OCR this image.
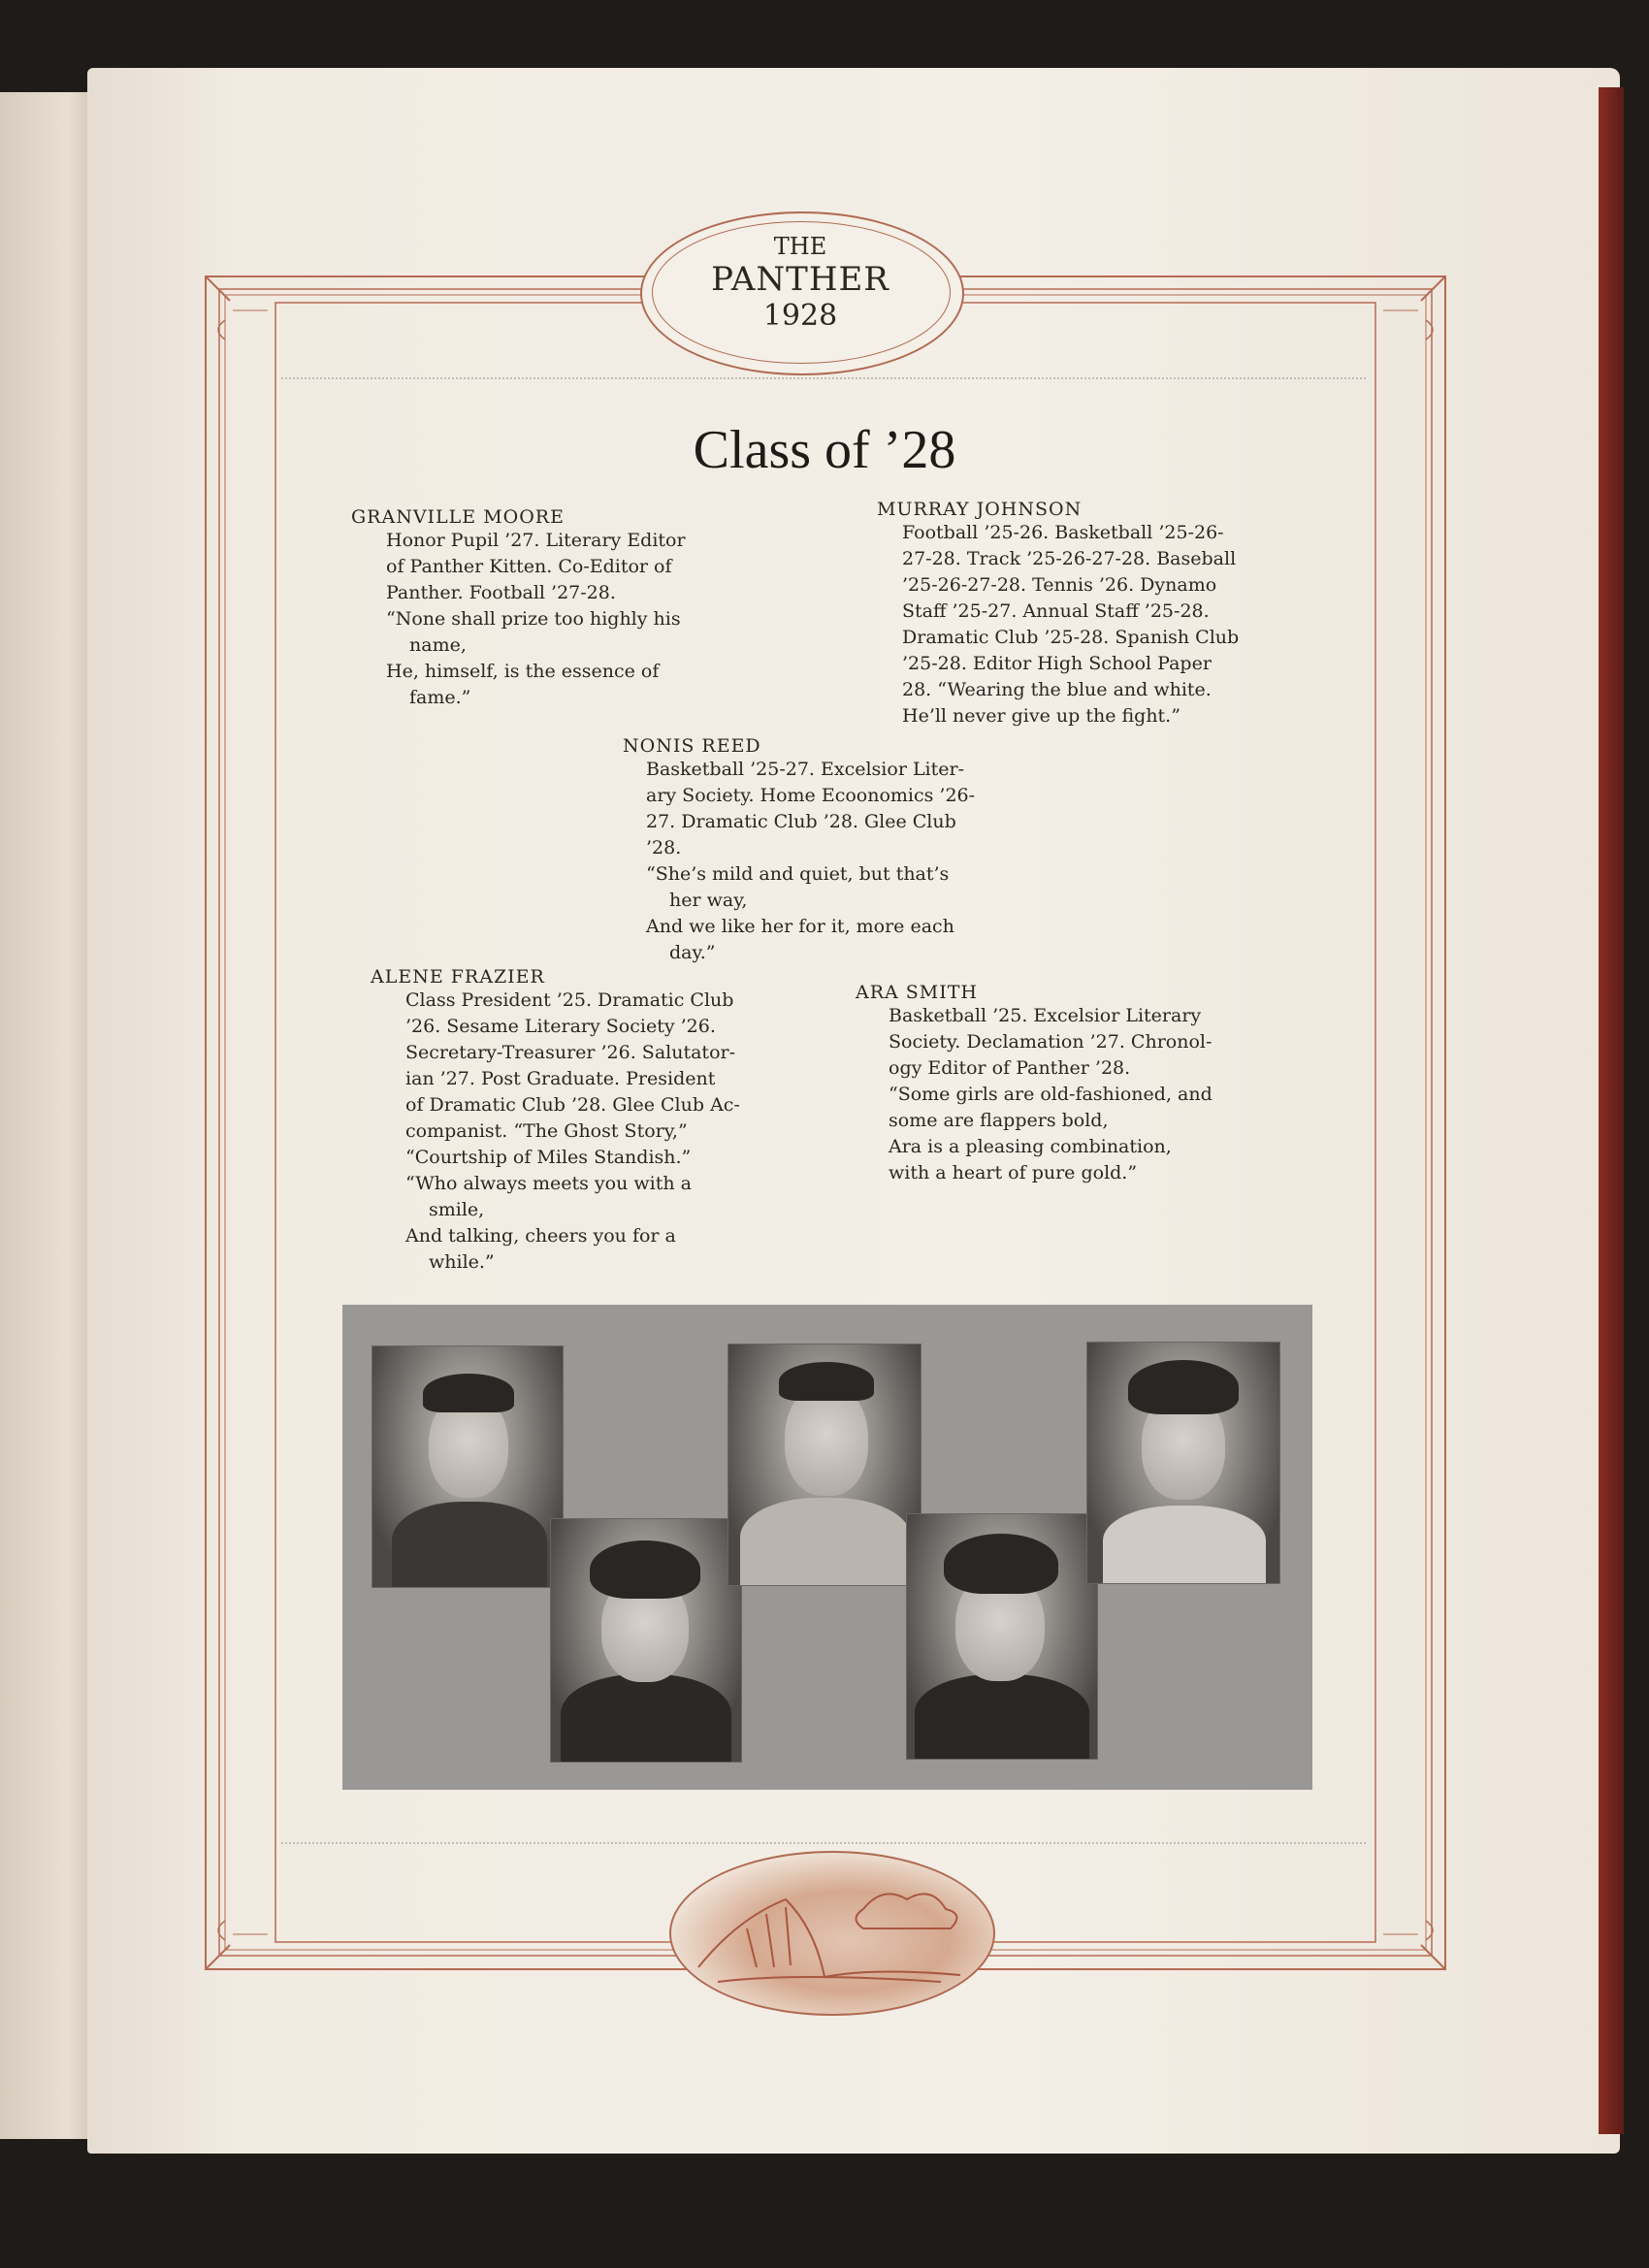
THE
PANTHER
1928
Class of ’28
GRANVILLE MOORE
Honor Pupil ’27. Literary Editor
of Panther Kitten. Co-Editor of
Panther. Football ’27-28.
“None shall prize too highly his
name,
He, himself, is the essence of
fame.”
MURRAY JOHNSON
Football ’25-26. Basketball ’25-26-
27-28. Track ’25-26-27-28. Baseball
’25-26-27-28. Tennis ’26. Dynamo
Staff ’25-27. Annual Staff ’25-28.
Dramatic Club ’25-28. Spanish Club
’25-28. Editor High School Paper
28. “Wearing the blue and white.
He’ll never give up the fight.”
NONIS REED
Basketball ’25-27. Excelsior Liter-
ary Society. Home Ecoonomics ’26-
27. Dramatic Club ’28. Glee Club
’28.
“She’s mild and quiet, but that’s
her way,
And we like her for it, more each
day.”
ALENE FRAZIER
Class President ’25. Dramatic Club
’26. Sesame Literary Society ’26.
Secretary-Treasurer ’26. Salutator-
ian ’27. Post Graduate. President
of Dramatic Club ’28. Glee Club Ac-
companist. “The Ghost Story,”
“Courtship of Miles Standish.”
“Who always meets you with a
smile,
And talking, cheers you for a
while.”
ARA SMITH
Basketball ’25. Excelsior Literary
Society. Declamation ’27. Chronol-
ogy Editor of Panther ’28.
“Some girls are old-fashioned, and
some are flappers bold,
Ara is a pleasing combination,
with a heart of pure gold.”
